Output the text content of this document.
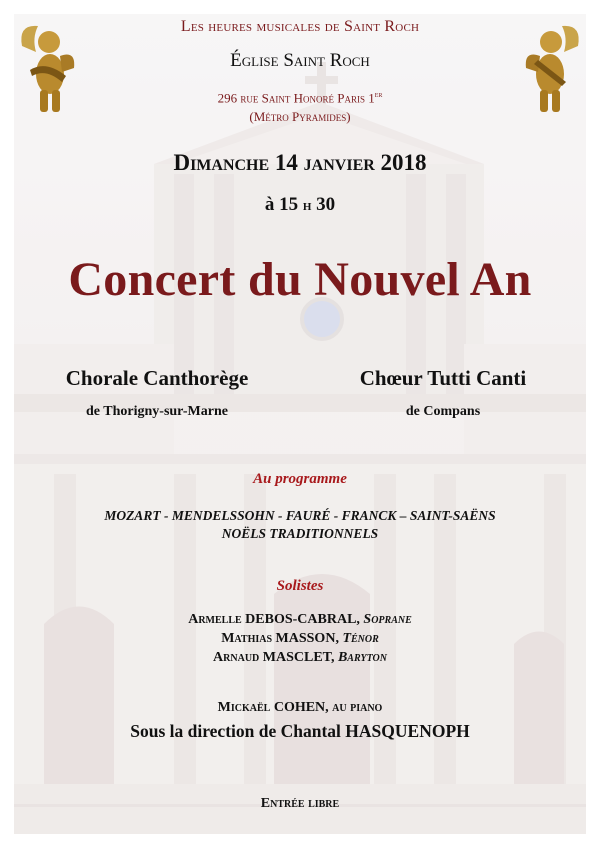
Les heures musicales de Saint Roch
Église Saint Roch
296 rue Saint Honoré Paris 1er
(Métro Pyramides)
Dimanche 14 janvier 2018
à 15 h 30
Concert du Nouvel An
Chorale Canthorège	Chœur Tutti Canti
de Thorigny-sur-Marne	de Compans
Au programme
MOZART - MENDELSSOHN - FAURÉ - FRANCK – SAINT-SAËNS
NOËLS TRADITIONNELS
Solistes
Armelle DEBOS-CABRAL, Soprane
Mathias MASSON, Ténor
Arnaud MASCLET, Baryton
Mickaël COHEN, au piano
Sous la direction de Chantal HASQUENOPH
Entrée libre
